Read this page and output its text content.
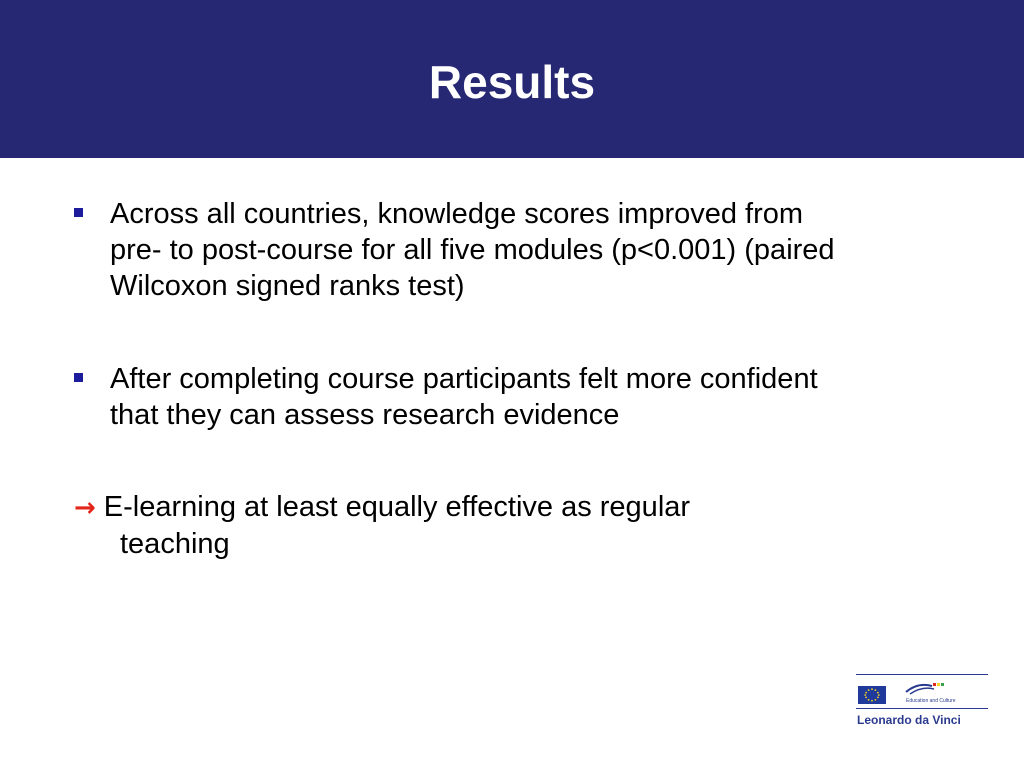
Results
Across all countries, knowledge scores improved from
pre- to post-course for all five modules (p<0.001) (paired
Wilcoxon signed ranks test)
After completing course participants felt more confident
that they can assess research evidence
→ E-learning at least equally effective as regular
teaching
Education and Culture
Leonardo da Vinci
